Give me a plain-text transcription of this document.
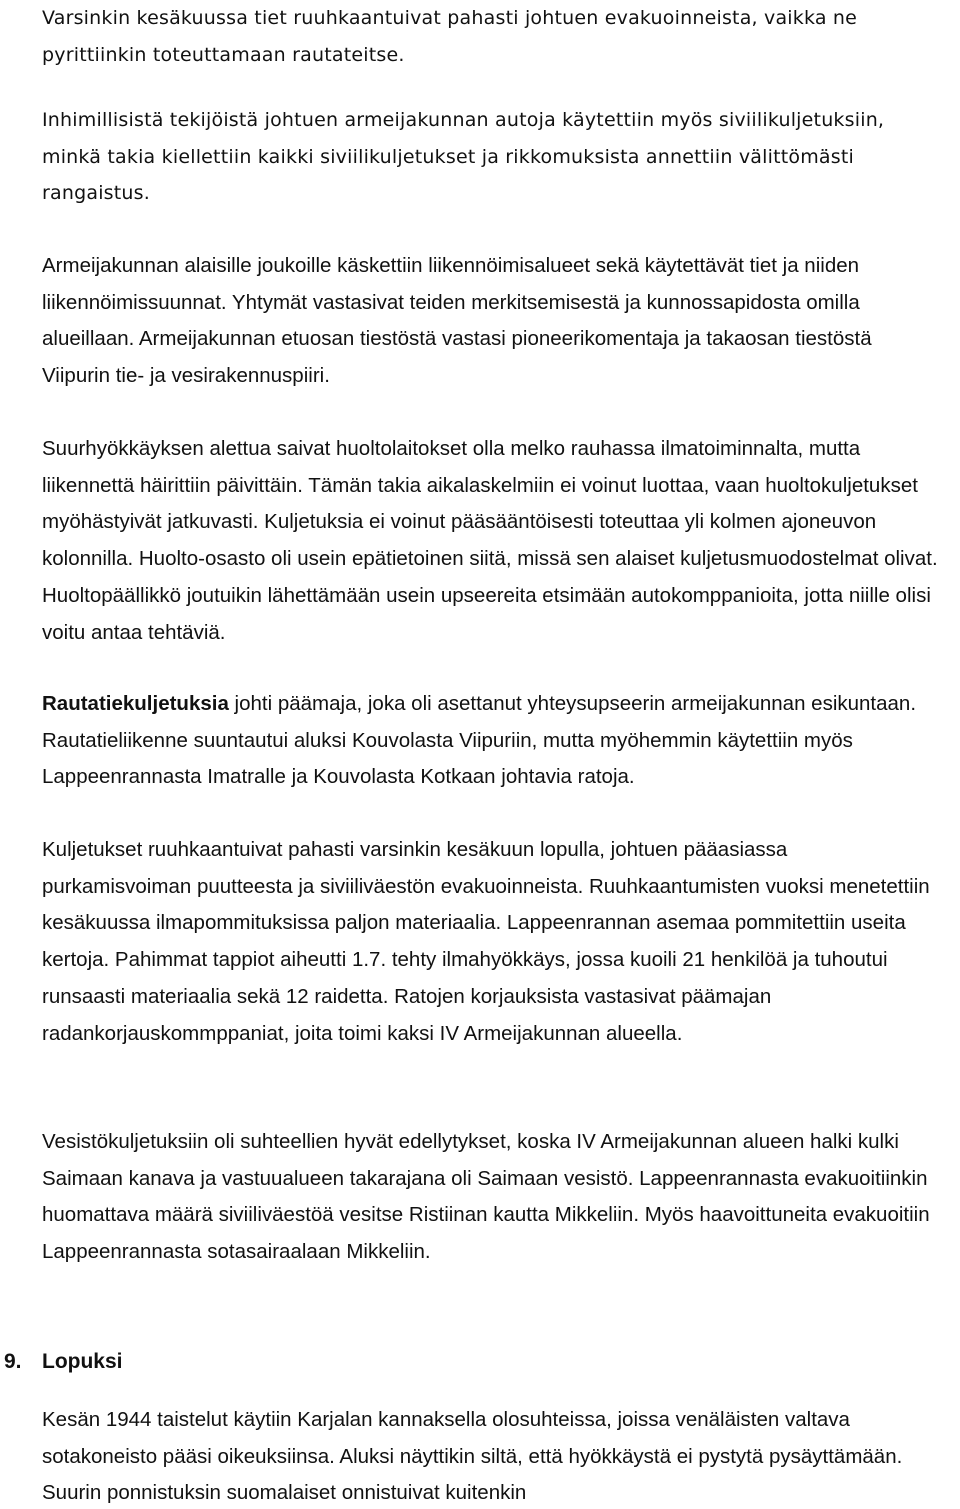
Varsinkin kesäkuussa tiet ruuhkaantuivat pahasti johtuen evakuoinneista, vaikka ne pyrittiinkin toteuttamaan rautateitse.

Inhimillisistä tekijöistä johtuen armeijakunnan autoja käytettiin myös siviilikuljetuksiin, minkä takia kiellettiin kaikki siviilikuljetukset ja rikkomuksista annettiin välittömästi rangaistus.

Armeijakunnan alaisille joukoille käskettiin liikennöimisalueet sekä käytettävät tiet ja niiden liikennöimissuunnat. Yhtymät vastasivat teiden merkitsemisestä ja kunnossapidosta omilla alueillaan. Armeijakunnan etuosan tiestöstä vastasi pioneerikomentaja ja takaosan tiestöstä Viipurin tie- ja vesirakennuspiiri.

Suurhyökkäyksen alettua saivat huoltolaitokset olla melko rauhassa ilmatoiminnalta, mutta liikennettä häirittiin päivittäin. Tämän takia aikalaskelmiin ei voinut luottaa, vaan huoltokuljetukset myöhästyivät jatkuvasti. Kuljetuksia ei voinut pääsääntöisesti toteuttaa yli kolmen ajoneuvon kolonnilla. Huolto-osasto oli usein epätietoinen siitä, missä sen alaiset kuljetusmuodostelmat olivat. Huoltopäällikkö joutuikin lähettämään usein upseereita etsimään autokomppanioita, jotta niille olisi voitu antaa tehtäviä.

Rautatiekuljetuksia johti päämaja, joka oli asettanut yhteysupseerin armeijakunnan esikuntaan. Rautatieliikenne suuntautui aluksi Kouvolasta Viipuriin, mutta myöhemmin käytettiin myös Lappeenrannasta Imatralle ja Kouvolasta Kotkaan johtavia ratoja.

Kuljetukset ruuhkaantuivat pahasti varsinkin kesäkuun lopulla, johtuen pääasiassa purkamisvoiman puutteesta ja siviiliväestön evakuoinneista. Ruuhkaantumisten vuoksi menetettiin kesäkuussa ilmapommituksissa paljon materiaalia. Lappeenrannan asemaa pommitettiin useita kertoja. Pahimmat tappiot aiheutti 1.7. tehty ilmahyökkäys, jossa kuoili 21 henkilöä ja tuhoutui runsaasti materiaalia sekä 12 raidetta. Ratojen korjauksista vastasivat päämajan radankorjauskommppaniat, joita toimi kaksi IV Armeijakunnan alueella.

Vesistökuljetuksiin oli suhteellien hyvät edellytykset, koska IV Armeijakunnan alueen halki kulki Saimaan kanava ja vastuualueen takarajana oli Saimaan vesistö. Lappeenrannasta evakuoitiinkin huomattava määrä siviiliväestöä vesitse Ristiinan kautta Mikkeliin. Myös haavoittuneita evakuoitiin Lappeenrannasta sotasairaalaan Mikkeliin.

9. Lopuksi

Kesän 1944 taistelut käytiin Karjalan kannaksella olosuhteissa, joissa venäläisten valtava sotakoneisto pääsi oikeuksiinsa. Aluksi näyttikin siltä, että hyökkäystä ei pystytä pysäyttämään. Suurin ponnistuksin suomalaiset onnistuivat kuitenkin
